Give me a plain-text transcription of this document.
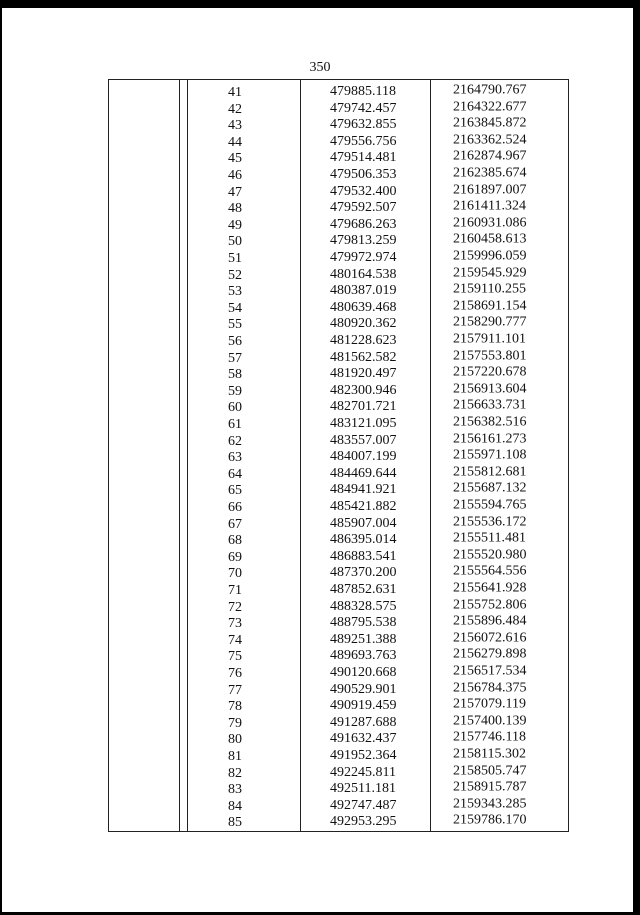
350
41	479885.118	2164790.767
42	479742.457	2164322.677
43	479632.855	2163845.872
44	479556.756	2163362.524
45	479514.481	2162874.967
46	479506.353	2162385.674
47	479532.400	2161897.007
48	479592.507	2161411.324
49	479686.263	2160931.086
50	479813.259	2160458.613
51	479972.974	2159996.059
52	480164.538	2159545.929
53	480387.019	2159110.255
54	480639.468	2158691.154
55	480920.362	2158290.777
56	481228.623	2157911.101
57	481562.582	2157553.801
58	481920.497	2157220.678
59	482300.946	2156913.604
60	482701.721	2156633.731
61	483121.095	2156382.516
62	483557.007	2156161.273
63	484007.199	2155971.108
64	484469.644	2155812.681
65	484941.921	2155687.132
66	485421.882	2155594.765
67	485907.004	2155536.172
68	486395.014	2155511.481
69	486883.541	2155520.980
70	487370.200	2155564.556
71	487852.631	2155641.928
72	488328.575	2155752.806
73	488795.538	2155896.484
74	489251.388	2156072.616
75	489693.763	2156279.898
76	490120.668	2156517.534
77	490529.901	2156784.375
78	490919.459	2157079.119
79	491287.688	2157400.139
80	491632.437	2157746.118
81	491952.364	2158115.302
82	492245.811	2158505.747
83	492511.181	2158915.787
84	492747.487	2159343.285
85	492953.295	2159786.170
